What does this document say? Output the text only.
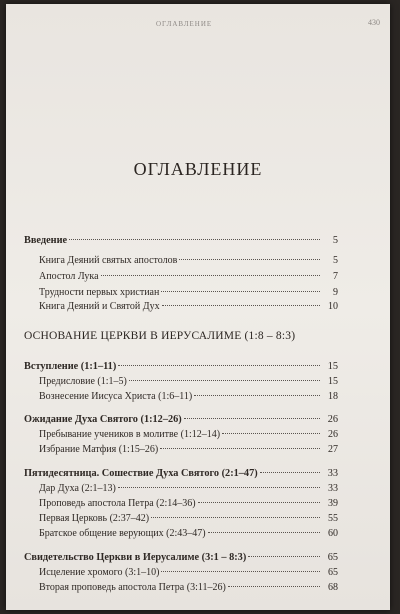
ОГЛАВЛЕНИЕ	430
ОГЛАВЛЕНИЕ
Введение	5
Книга Деяний святых апостолов	5
Апостол Лука	7
Трудности первых христиан	9
Книга Деяний и Святой Дух	10
ОСНОВАНИЕ ЦЕРКВИ В ИЕРУСАЛИМЕ (1:8 – 8:3)
Вступление (1:1–11)	15
Предисловие (1:1–5)	15
Вознесение Иисуса Христа (1:6–11)	18
Ожидание Духа Святого (1:12–26)	26
Пребывание учеников в молитве (1:12–14)	26
Избрание Матфия (1:15–26)	27
Пятидесятница. Сошествие Духа Святого (2:1–47)	33
Дар Духа (2:1–13)	33
Проповедь апостола Петра (2:14–36)	39
Первая Церковь (2:37–42)	55
Братское общение верующих (2:43–47)	60
Свидетельство Церкви в Иерусалиме (3:1 – 8:3)	65
Исцеление хромого (3:1–10)	65
Вторая проповедь апостола Петра (3:11–26)	68
